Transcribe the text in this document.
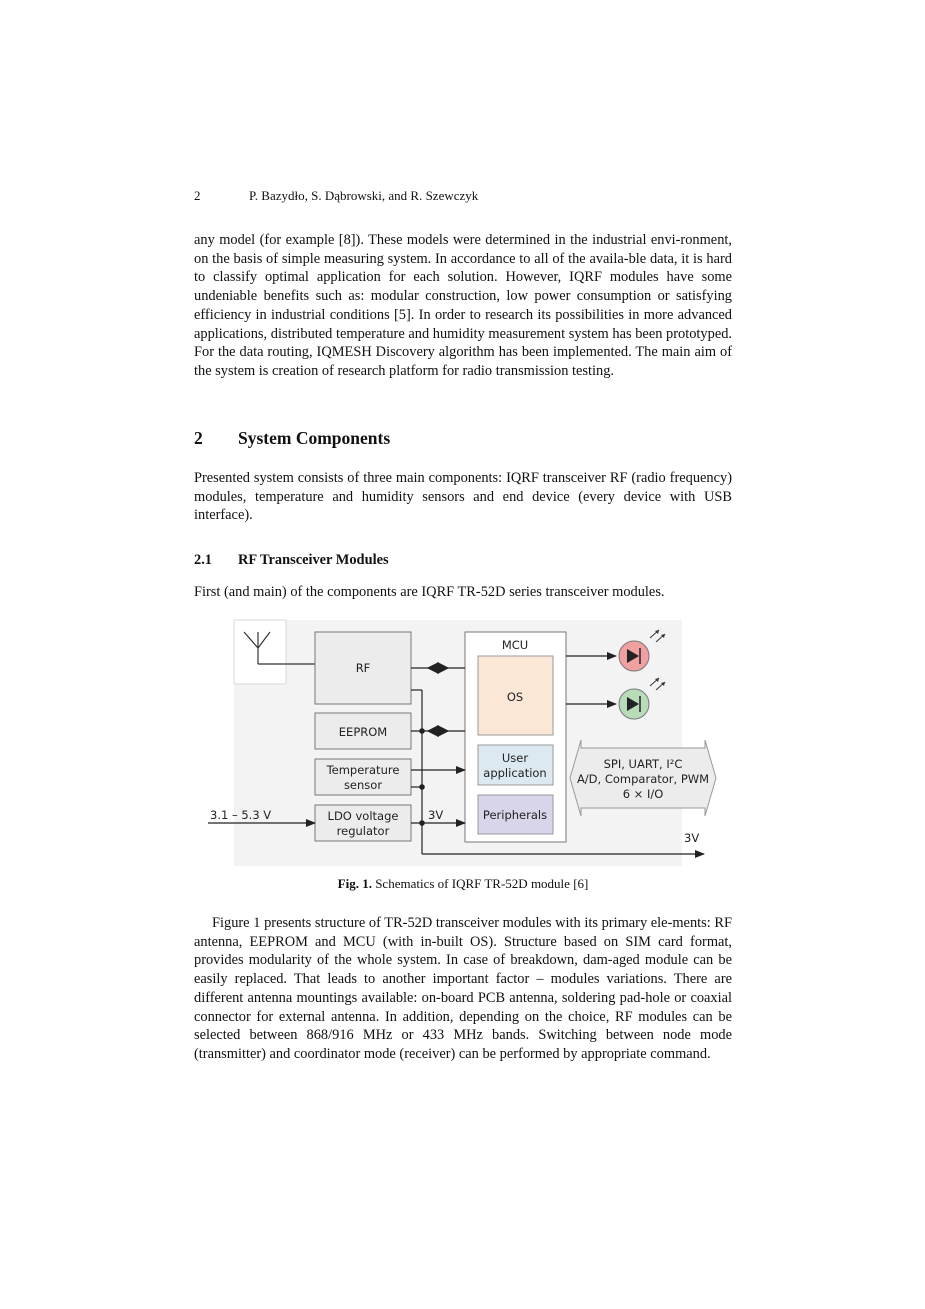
2	P. Bazydło, S. Dąbrowski, and R. Szewczyk

any model (for example [8]). These models were determined in the industrial envi-ronment, on the basis of simple measuring system. In accordance to all of the availa-ble data, it is hard to classify optimal application for each solution. However, IQRF modules have some undeniable benefits such as: modular construction, low power consumption or satisfying efficiency in industrial conditions [5]. In order to research its possibilities in more advanced applications, distributed temperature and humidity measurement system has been prototyped. For the data routing, IQMESH Discovery algorithm has been implemented. The main aim of the system is creation of research platform for radio transmission testing.

2 System Components

Presented system consists of three main components: IQRF transceiver RF (radio frequency) modules, temperature and humidity sensors and end device (every device with USB interface).

2.1 RF Transceiver Modules

First (and main) of the components are IQRF TR-52D series transceiver modules.

RF
EEPROM
Temperature
sensor
LDO voltage
regulator
MCU
OS
User
application
Peripherals
SPI, UART, I²C
A/D, Comparator, PWM
6 × I/O
3.1 – 5.3 V	3V
3V
Fig. 1. Schematics of IQRF TR-52D module [6]

Figure 1 presents structure of TR-52D transceiver modules with its primary ele-ments: RF antenna, EEPROM and MCU (with in-built OS). Structure based on SIM card format, provides modularity of the whole system. In case of breakdown, dam-aged module can be easily replaced. That leads to another important factor – modules variations. There are different antenna mountings available: on-board PCB antenna, soldering pad-hole or coaxial connector for external antenna. In addition, depending on the choice, RF modules can be selected between 868/916 MHz or 433 MHz bands. Switching between node mode (transmitter) and coordinator mode (receiver) can be performed by appropriate command.
